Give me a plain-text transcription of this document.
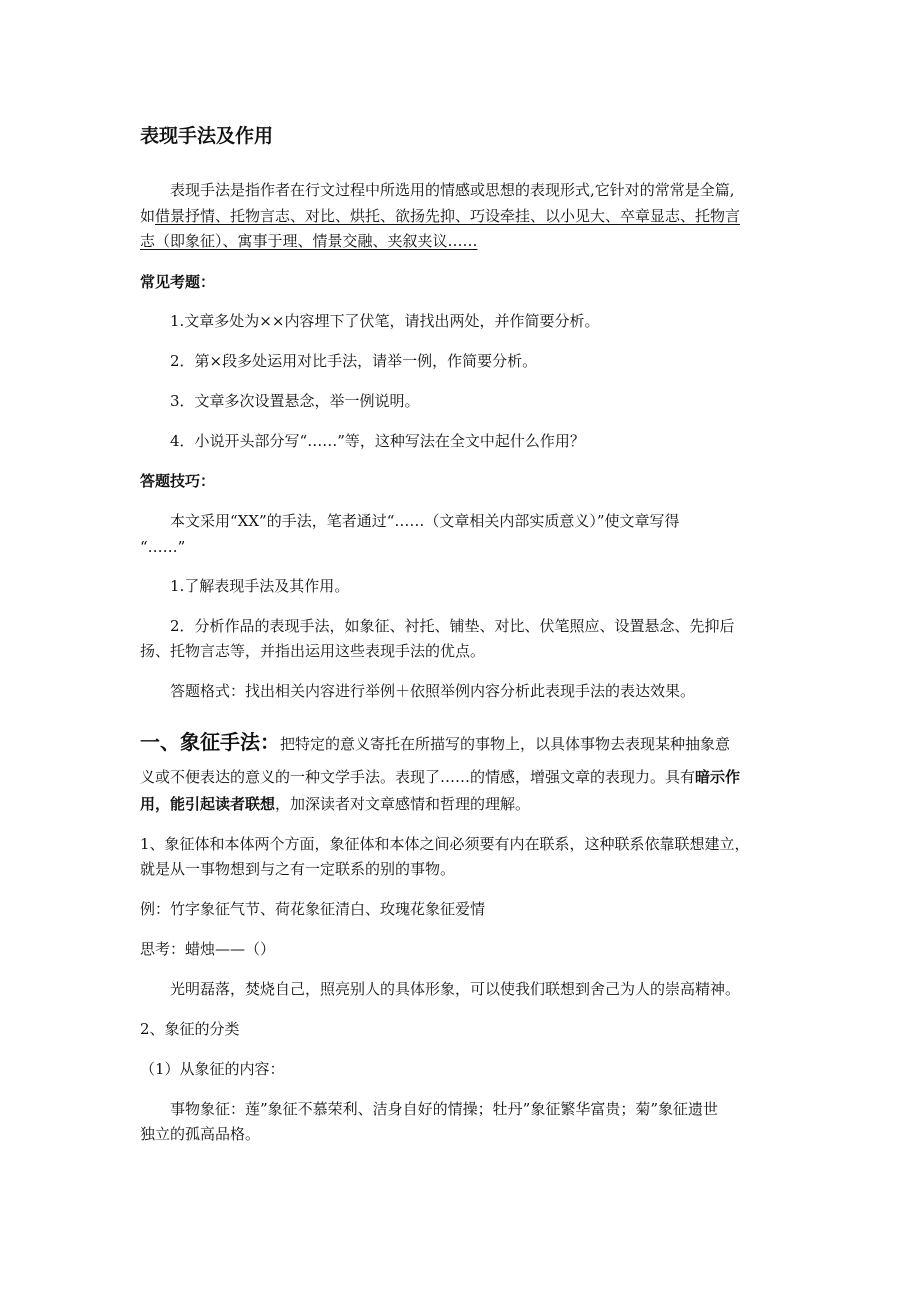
表现手法及作用

表现手法是指作者在行文过程中所选用的情感或思想的表现形式,它针对的常常是全篇,

如借景抒情、托物言志、对比、烘托、欲扬先抑、巧设牵挂、以小见大、卒章显志、托物言

志（即象征）、寓事于理、情景交融、夹叙夹议……

常见考题：

1.文章多处为××内容埋下了伏笔，请找出两处，并作简要分析。

2．第×段多处运用对比手法，请举一例，作简要分析。

3．文章多次设置悬念，举一例说明。

4．小说开头部分写“……”等，这种写法在全文中起什么作用？

答题技巧：

本文采用“XX”的手法，笔者通过“……（文章相关内部实质意义）”使文章写得

“……”

1.了解表现手法及其作用。

2．分析作品的表现手法，如象征、衬托、铺垫、对比、伏笔照应、设置悬念、先抑后

扬、托物言志等，并指出运用这些表现手法的优点。

答题格式：找出相关内容进行举例＋依照举例内容分析此表现手法的表达效果。

一、象征手法：把特定的意义寄托在所描写的事物上，以具体事物去表现某种抽象意

义或不便表达的意义的一种文学手法。表现了……的情感，增强文章的表现力。具有暗示作

用，能引起读者联想，加深读者对文章感情和哲理的理解。

1、象征体和本体两个方面，象征体和本体之间必须要有内在联系，这种联系依靠联想建立，

就是从一事物想到与之有一定联系的别的事物。

例：竹字象征气节、荷花象征清白、玫瑰花象征爱情

思考：蜡烛——（）

光明磊落，焚烧自己，照亮别人的具体形象，可以使我们联想到舍己为人的崇高精神。

2、象征的分类

（1）从象征的内容：

事物象征：莲”象征不慕荣利、洁身自好的情操；牡丹”象征繁华富贵；菊”象征遗世

独立的孤高品格。
